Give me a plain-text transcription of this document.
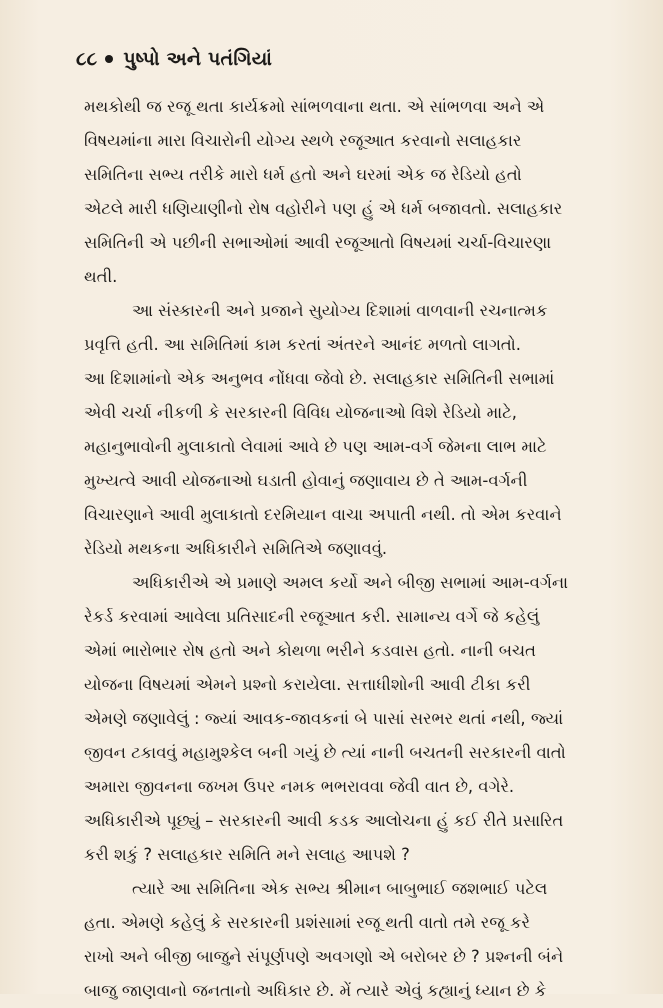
૮૮ પુષ્પો અને પતંગિયાં
મથકોથી જ રજૂ થતા કાર્યક્રમો સાંભળવાના થતા. એ સાંભળવા અને એ
વિષયમાંના મારા વિચારોની યોગ્ય સ્થળે રજૂઆત કરવાનો સલાહકાર
સમિતિના સભ્ય તરીકે મારો ધર્મ હતો અને ઘરમાં એક જ રેડિયો હતો
એટલે મારી ધણિયાણીનો રોષ વહોરીને પણ હું એ ધર્મ બજાવતો. સલાહકાર
સમિતિની એ પછીની સભાઓમાં આવી રજૂઆતો વિષયમાં ચર્ચા-વિચારણા
થતી.
આ સંસ્કારની અને પ્રજાને સુયોગ્ય દિશામાં વાળવાની રચનાત્મક
પ્રવૃત્તિ હતી. આ સમિતિમાં કામ કરતાં અંતરને આનંદ મળતો લાગતો.
આ દિશામાંનો એક અનુભવ નોંધવા જેવો છે. સલાહકાર સમિતિની સભામાં
એવી ચર્ચા નીકળી કે સરકારની વિવિધ યોજનાઓ વિશે રેડિયો માટે,
મહાનુભાવોની મુલાકાતો લેવામાં આવે છે પણ આમ-વર્ગ જેમના લાભ માટે
મુખ્યત્વે આવી યોજનાઓ ઘડાતી હોવાનું જણાવાય છે તે આમ-વર્ગની
વિચારણાને આવી મુલાકાતો દરમિયાન વાચા અપાતી નથી. તો એમ કરવાને
રેડિયો મથકના અધિકારીને સમિતિએ જણાવવું.
અધિકારીએ એ પ્રમાણે અમલ કર્યો અને બીજી સભામાં આમ-વર્ગના
રેકર્ડ કરવામાં આવેલા પ્રતિસાદની રજૂઆત કરી. સામાન્ય વર્ગે જે કહેલું
એમાં ભારોભાર રોષ હતો અને કોથળા ભરીને કડવાસ હતો. નાની બચત
યોજના વિષયમાં એમને પ્રશ્નો કરાયેલા. સત્તાધીશોની આવી ટીકા કરી
એમણે જણાવેલું : જ્યાં આવક-જાવકનાં બે પાસાં સરભર થતાં નથી, જ્યાં
જીવન ટકાવવું મહામુશ્કેલ બની ગયું છે ત્યાં નાની બચતની સરકારની વાતો
અમારા જીવનના જખમ ઉપર નમક ભભરાવવા જેવી વાત છે, વગેરે.
અધિકારીએ પૂછ્યું – સરકારની આવી કડક આલોચના હું કઈ રીતે પ્રસારિત
કરી શકું ? સલાહકાર સમિતિ મને સલાહ આપશે ?
ત્યારે આ સમિતિના એક સભ્ય શ્રીમાન બાબુભાઈ જશભાઈ પટેલ
હતા. એમણે કહેલું કે સરકારની પ્રશંસામાં રજૂ થતી વાતો તમે રજૂ કરે
રાખો અને બીજી બાજુને સંપૂર્ણપણે અવગણો એ બરોબર છે ? પ્રશ્નની બંને
બાજુ જાણવાનો જનતાનો અધિકાર છે. મેં ત્યારે એવું કહ્યાનું ધ્યાન છે કે
